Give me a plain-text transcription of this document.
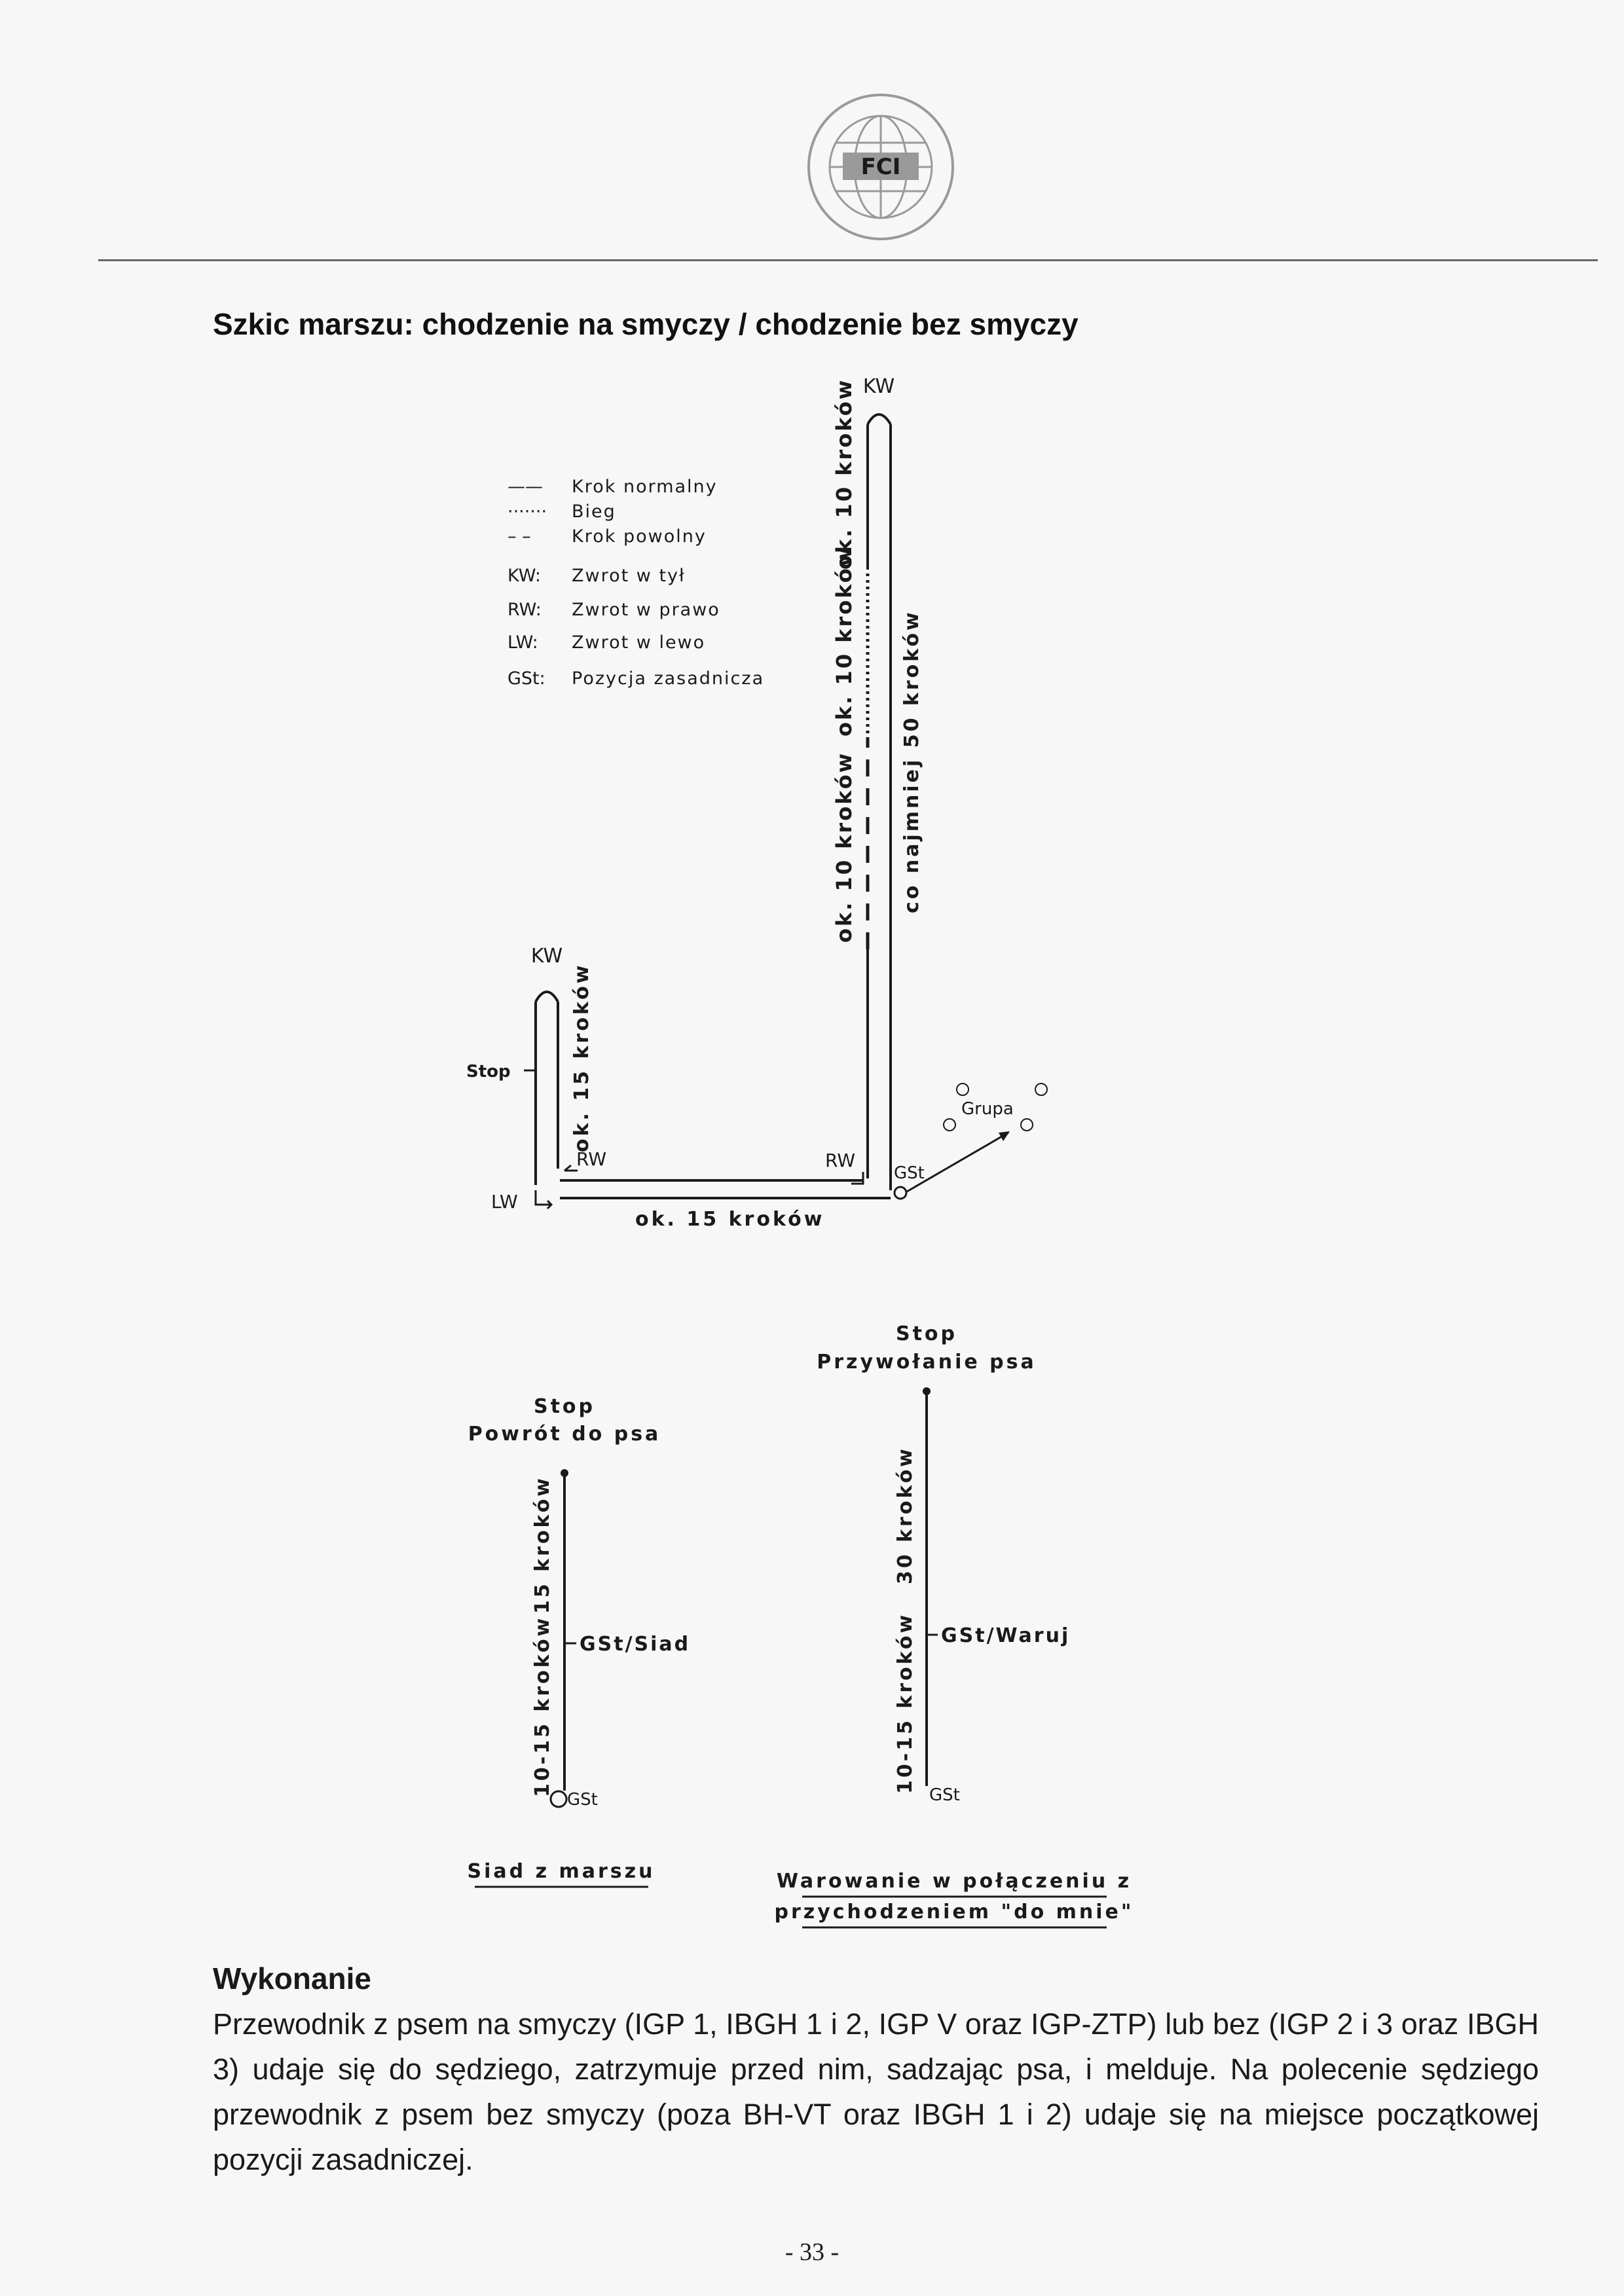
FCI
Szkic marszu: chodzenie na smyczy / chodzenie bez smyczy
—— Krok normalny
······· Bieg
– – Krok powolny
KW: Zwrot w tył
RW: Zwrot w prawo
LW: Zwrot w lewo
GSt: Pozycja zasadnicza
KW
ok. 10 kroków
ok. 10 kroków
ok. 10 kroków
co najmniej 50 kroków
KW
Stop	ok. 15 kroków
RW	RW
LW
GSt
Grupa
ok. 15 kroków
Stop
Powrót do psa
15 kroków
10-15 kroków GSt/Siad
GSt
Siad z marszu
Stop
Przywołanie psa
30 kroków
10-15 kroków GSt/Waruj
GSt
Warowanie w połączeniu z
przychodzeniem "do mnie"
Wykonanie

Przewodnik z psem na smyczy (IGP 1, IBGH 1 i 2, IGP V oraz IGP-ZTP) lub bez (IGP 2 i 3 oraz IBGH 3) udaje się do sędziego, zatrzymuje przed nim, sadzając psa, i melduje. Na polecenie sędziego przewodnik z psem bez smyczy (poza BH-VT oraz IBGH 1 i 2) udaje się na miejsce początkowej pozycji zasadniczej.

- 33 -
